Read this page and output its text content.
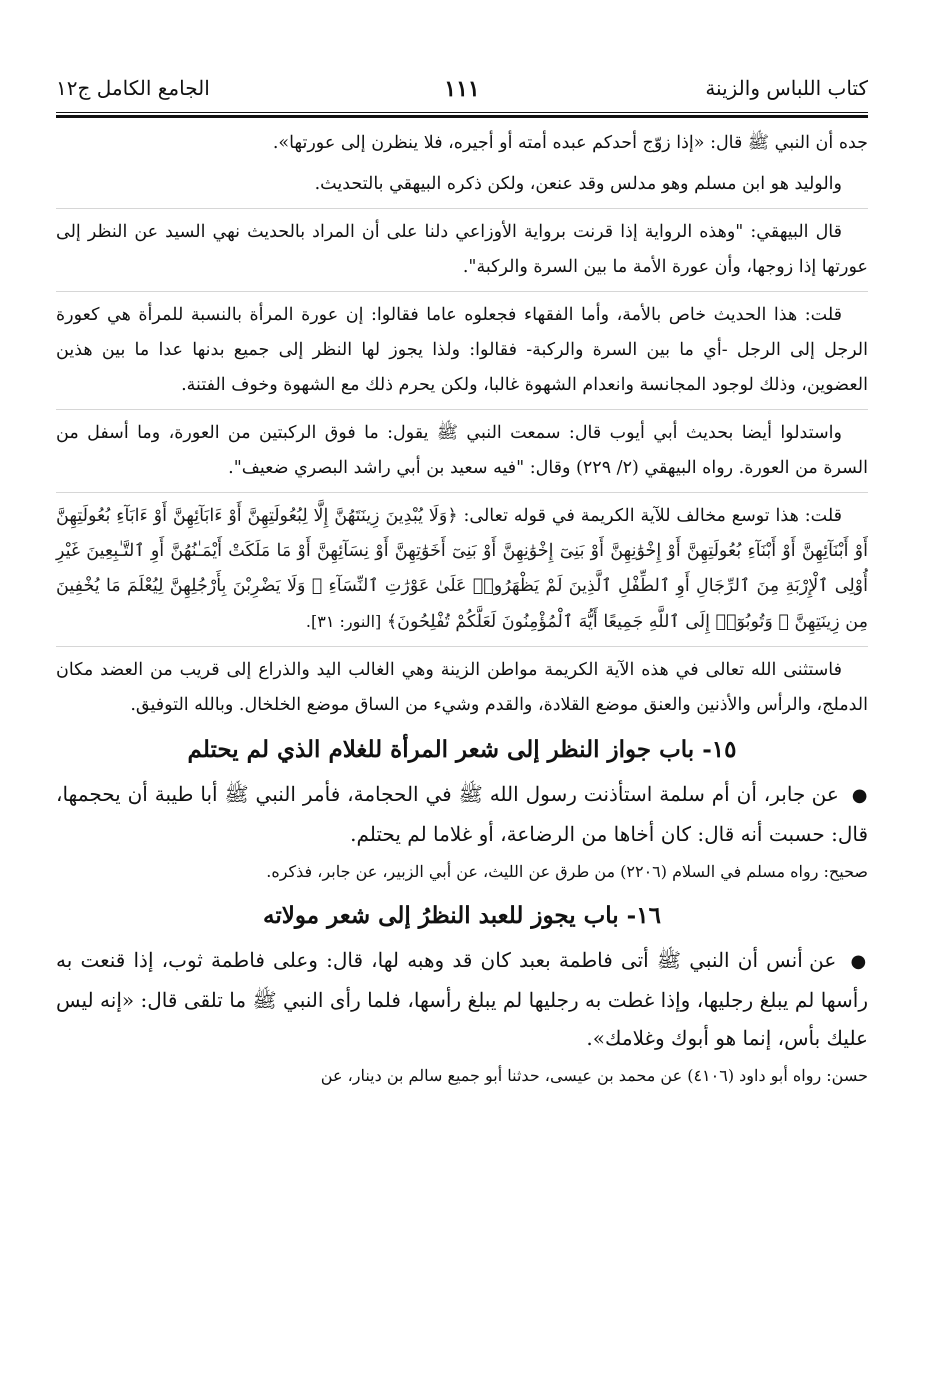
كتاب اللباس والزينة
١١١
الجامع الكامل ج١٢

جده أن النبي ﷺ قال: «إذا زوّج أحدكم عبده أمته أو أجيره، فلا ينظرن إلى عورتها».

والوليد هو ابن مسلم وهو مدلس وقد عنعن، ولكن ذكره البيهقي بالتحديث.

قال البيهقي: "وهذه الرواية إذا قرنت برواية الأوزاعي دلنا على أن المراد بالحديث نهي السيد عن النظر إلى عورتها إذا زوجها، وأن عورة الأمة ما بين السرة والركبة".

قلت: هذا الحديث خاص بالأمة، وأما الفقهاء فجعلوه عاما فقالوا: إن عورة المرأة بالنسبة للمرأة هي كعورة الرجل إلى الرجل -أي ما بين السرة والركبة- فقالوا: ولذا يجوز لها النظر إلى جميع بدنها عدا ما بين هذين العضوين، وذلك لوجود المجانسة وانعدام الشهوة غالبا، ولكن يحرم ذلك مع الشهوة وخوف الفتنة.

واستدلوا أيضا بحديث أبي أيوب قال: سمعت النبي ﷺ يقول: ما فوق الركبتين من العورة، وما أسفل من السرة من العورة. رواه البيهقي (٢/ ٢٢٩) وقال: "فيه سعيد بن أبي راشد البصري ضعيف".

قلت: هذا توسع مخالف للآية الكريمة في قوله تعالى: ﴿وَلَا يُبْدِينَ زِينَتَهُنَّ إِلَّا لِبُعُولَتِهِنَّ أَوْ ءَابَآئِهِنَّ أَوْ ءَابَآءِ بُعُولَتِهِنَّ أَوْ أَبْنَآئِهِنَّ أَوْ أَبْنَآءِ بُعُولَتِهِنَّ أَوْ إِخْوَٰنِهِنَّ أَوْ بَنِىٓ إِخْوَٰنِهِنَّ أَوْ بَنِىٓ أَخَوَٰتِهِنَّ أَوْ نِسَآئِهِنَّ أَوْ مَا مَلَكَتْ أَيْمَـٰنُهُنَّ أَوِ ٱلتَّـٰبِعِينَ غَيْرِ أُوْلِى ٱلْإِرْبَةِ مِنَ ٱلرِّجَالِ أَوِ ٱلطِّفْلِ ٱلَّذِينَ لَمْ يَظْهَرُوا۟ عَلَىٰ عَوْرَٰتِ ٱلنِّسَآءِ ۖ وَلَا يَضْرِبْنَ بِأَرْجُلِهِنَّ لِيُعْلَمَ مَا يُخْفِينَ مِن زِينَتِهِنَّ ۚ وَتُوبُوٓا۟ إِلَى ٱللَّهِ جَمِيعًا أَيُّهَ ٱلْمُؤْمِنُونَ لَعَلَّكُمْ تُفْلِحُونَ﴾ [النور: ٣١].

فاستثنى الله تعالى في هذه الآية الكريمة مواطن الزينة وهي الغالب اليد والذراع إلى قريب من العضد مكان الدملج، والرأس والأذنين والعنق موضع القلادة، والقدم وشيء من الساق موضع الخلخال. وبالله التوفيق.

١٥- باب جواز النظر إلى شعر المرأة للغلام الذي لم يحتلم

● عن جابر، أن أم سلمة استأذنت رسول الله ﷺ في الحجامة، فأمر النبي ﷺ أبا طيبة أن يحجمها، قال: حسبت أنه قال: كان أخاها من الرضاعة، أو غلاما لم يحتلم.

صحيح: رواه مسلم في السلام (٢٢٠٦) من طرق عن الليث، عن أبي الزبير، عن جابر، فذكره.

١٦- باب يجوز للعبد النظرُ إلى شعر مولاته

● عن أنس أن النبي ﷺ أتى فاطمة بعبد كان قد وهبه لها، قال: وعلى فاطمة ثوب، إذا قنعت به رأسها لم يبلغ رجليها، وإذا غطت به رجليها لم يبلغ رأسها، فلما رأى النبي ﷺ ما تلقى قال: «إنه ليس عليك بأس، إنما هو أبوك وغلامك».

حسن: رواه أبو داود (٤١٠٦) عن محمد بن عيسى، حدثنا أبو جميع سالم بن دينار، عن
